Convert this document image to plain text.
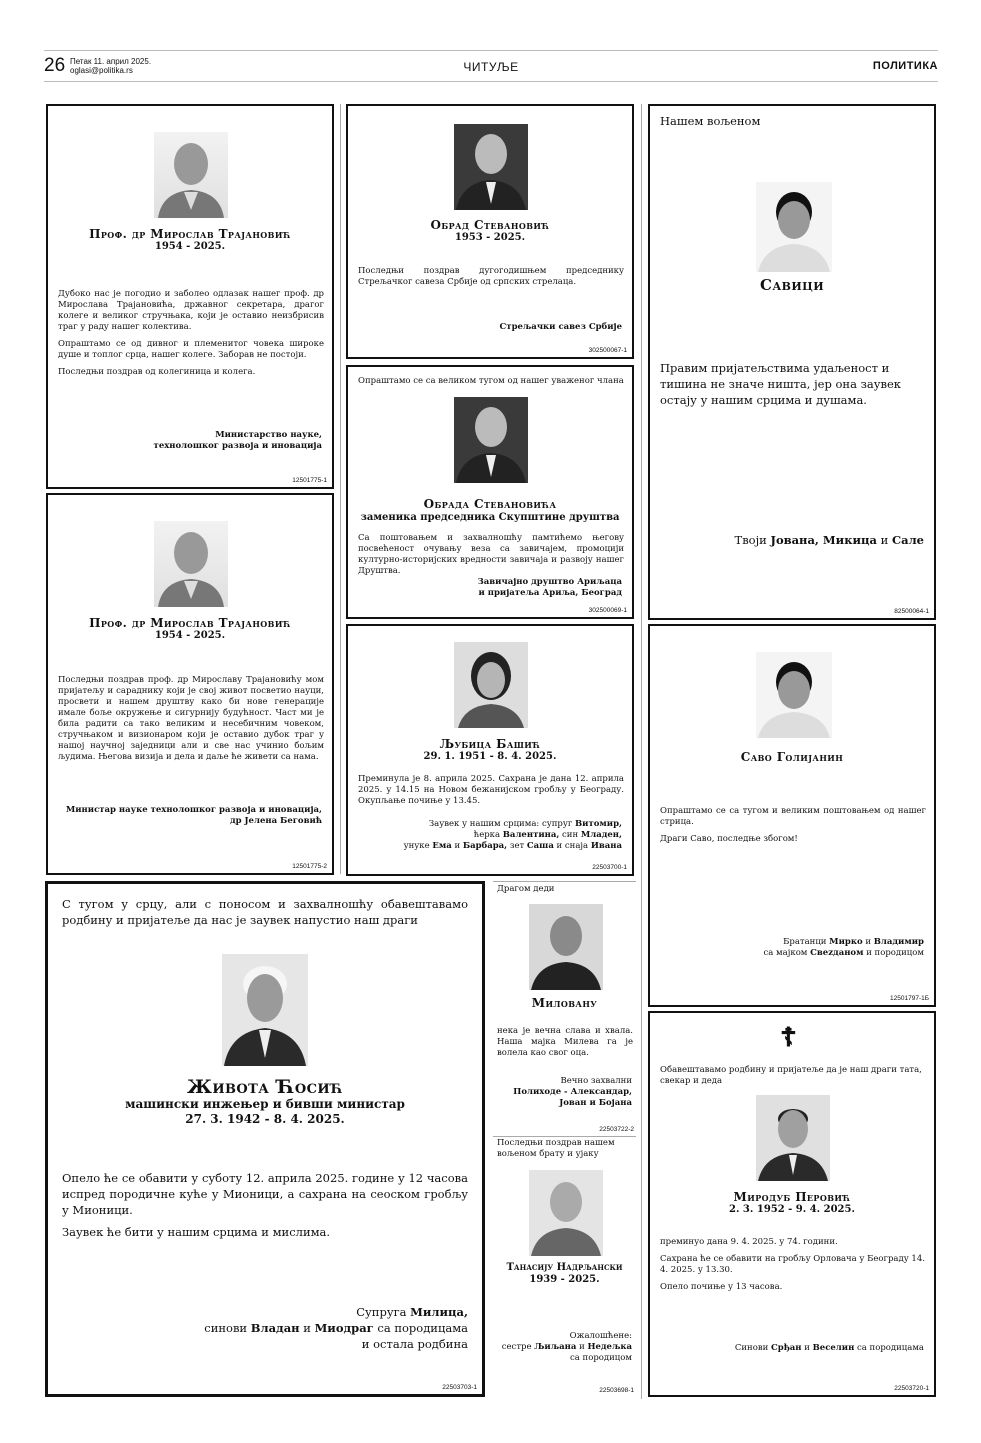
26 Петак 11. април 2025.
oglasi@politika.rs	ЧИТУЉЕ	ПОЛИТИКА
Проф. др Мирослав Трајановић
1954 - 2025.

Дубоко нас је погодио и заболео одлазак нашег проф. др Мирослава Трајановића, државног секретара, драгог колеге и великог стручњака, који је оставио неизбрисив траг у раду нашег колектива.

Опраштамо се од дивног и племенитог човека широке душе и топлог срца, нашег колеге. Заборав не постоји.

Последњи поздрав од колегиница и колега.

Министарство науке,
технолошког развоја и иновација
12501775-1
Проф. др Мирослав Трајановић
1954 - 2025.

Последњи поздрав проф. др Мирославу Трајановићу мом пријатељу и сараднику који је свој живот посветио науци, просвети и нашем друштву како би нове генерације имале боље окружење и сигурнију будућност. Част ми је била радити са тако великим и несебичним човеком, стручњаком и визионаром који је оставио дубок траг у нашој научној заједници али и све нас учинио бољим људима. Његова визија и дела и даље ће живети са нама.

Министар науке технолошког развоја и иновација,
др Јелена Беговић
12501775-2
Обрад Стевановић
1953 - 2025.

Последњи поздрав дугогодишњем председнику Стрељачког савеза Србије од српских стрелаца.

Стрељачки савез Србије
302500067-1
Опраштамо се са великом тугом од нашег уваженог члана
Обрада Стевановића
заменика председника Скупштине друштва

Са поштовањем и захвалношћу памтићемо његову посвећеност очувању веза са завичајем, промоцији културно-историјских вредности завичаја и развоју нашег Друштва.

Завичајно друштво Ариљаца
и пријатеља Ариља, Београд
302500069-1
Љубица Башић
29. 1. 1951 - 8. 4. 2025.

Преминула је 8. априла 2025. Сахрана је дана 12. априла 2025. у 14.15 на Новом бежанијском гробљу у Београду. Окупљање почиње у 13.45.

Заувек у нашим срцима: супруг Витомир,
ћерка Валентина, син Младен,
унуке Ема и Барбара, зет Саша и снаја Ивана
22503700-1
Нашем вољеном
Савици

Правим пријатељствима удаљеност и тишина не значе ништа, јер она заувек остају у нашим срцима и душама.

Твоји Јована, Микица и Сале
82500064-1
Саво Голијанин

Опраштамо се са тугом и великим поштовањем од нашег стрица.

Драги Саво, последње збогом!

Братанци Мирко и Владимир
са мајком Свеzданом и породицом
12501797-1Б

С тугом у срцу, али с поносом и захвалношћу обавештавамо родбину и пријатеље да нас је заувек напустио наш драги

Живота Ћосић
машински инжењер и бивши министар
27. 3. 1942 - 8. 4. 2025.

Опело ће се обавити у суботу 12. априла 2025. године у 12 часова испред породичне куће у Мионици, а сахрана на сеоском гробљу у Мионици.

Заувек ће бити у нашим срцима и мислима.

Супруга Милица,
синови Владан и Миодраг са породицама
и остала родбина
22503703-1
Драгом деди
Миловану

нека је вечна слава и хвала. Наша мајка Милева га је волела као свог оца.

Вечно захвални
Полиходе - Александар,
Јован и Бојана
22503722-2
Последњи поздрав нашем вољеном брату и ујаку
Танасију Надрљански
1939 - 2025.
Ожалошћене:
сестре Љиљана и Недељка
са породицом
22503698-1
☦
Обавештавамо родбину и пријатеље да је наш драги тата, свекар и деда
Миродуб Перовић
2. 3. 1952 - 9. 4. 2025.

преминуо дана 9. 4. 2025. у 74. години.

Сахрана ће се обавити на гробљу Орловача у Београду 14. 4. 2025. у 13.30.

Опело почиње у 13 часова.

Синови Срђан и Веселин са породицама
22503720-1
